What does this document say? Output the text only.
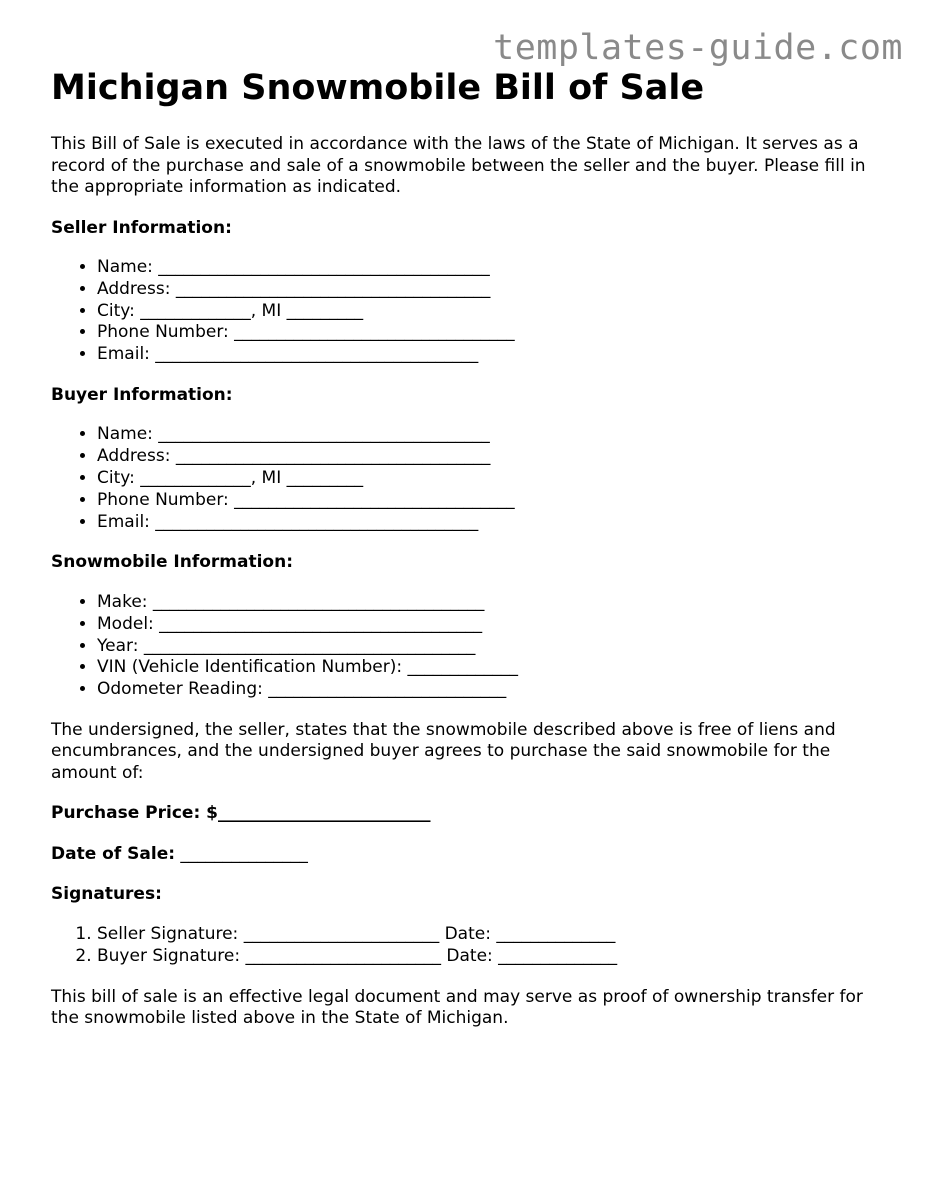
templates-guide.com
Michigan Snowmobile Bill of Sale

This Bill of Sale is executed in accordance with the laws of the State of Michigan. It serves as a record of the purchase and sale of a snowmobile between the seller and the buyer. Please fill in the appropriate information as indicated.

Seller Information:

• Name: _______________________________________
• Address: _____________________________________
• City: _____________, MI _________
• Phone Number: _________________________________
• Email: ______________________________________

Buyer Information:

• Name: _______________________________________
• Address: _____________________________________
• City: _____________, MI _________
• Phone Number: _________________________________
• Email: ______________________________________

Snowmobile Information:

• Make: _______________________________________
• Model: ______________________________________
• Year: _______________________________________
• VIN (Vehicle Identification Number): _____________
• Odometer Reading: ____________________________

The undersigned, the seller, states that the snowmobile described above is free of liens and encumbrances, and the undersigned buyer agrees to purchase the said snowmobile for the amount of:

Purchase Price: $_________________________

Date of Sale: _______________

Signatures:

1. Seller Signature: _______________________ Date: ______________
2. Buyer Signature: _______________________ Date: ______________

This bill of sale is an effective legal document and may serve as proof of ownership transfer for the snowmobile listed above in the State of Michigan.
